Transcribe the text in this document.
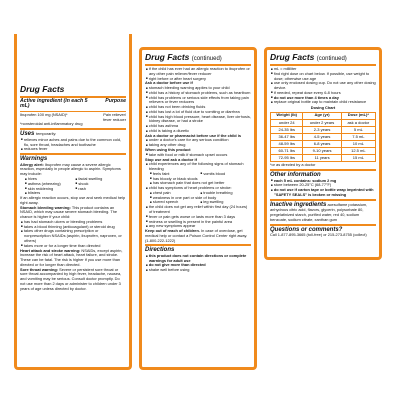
Drug Facts
Active ingredient (in each 5 mL)
Purpose
Ibuprofen 100 mg (NSAID)*	Pain reliever/ fever reducer
*nonsteroidal anti-inflammatory drug
Uses temporarily:
■ relieves minor aches and pains due to the common cold, flu, sore throat, headaches and toothache
■ reduces fever
Warnings
Allergy alert: Ibuprofen may cause a severe allergic reaction, especially in people allergic to aspirin. Symptoms may include:
■ hives	■ facial swelling
■ asthma (wheezing)	■ shock
■ skin reddening	■ rash
■ blisters
If an allergic reaction occurs, stop use and seek medical help right away.
Stomach bleeding warning: This product contains an NSAID, which may cause severe stomach bleeding. The chance is higher if your child:
■ has had stomach ulcers or bleeding problems
■ takes a blood thinning (anticoagulant) or steroid drug
■ takes other drugs containing prescription or nonprescription NSAIDs (aspirin, ibuprofen, naproxen, or others)
■ takes more or for a longer time than directed
Heart attack and stroke warning: NSAIDs, except aspirin, increase the risk of heart attack, heart failure, and stroke. These can be fatal. The risk is higher if you use more than directed or for longer than directed.
Sore throat warning: Severe or persistent sore throat or sore throat accompanied by high fever, headache, nausea, and vomiting may be serious. Consult doctor promptly. Do not use more than 2 days or administer to children under 3 years of age unless directed by doctor.
Drug Facts (continued)
■ if the child has ever had an allergic reaction to ibuprofen or any other pain reliever/fever reducer
■ right before or after heart surgery
Ask a doctor before use if
■ stomach bleeding warning applies to your child
■ child has a history of stomach problems, such as heartburn
■ child has problems or serious side effects from taking pain relievers or fever reducers
■ child has not been drinking fluids
■ child has lost a lot of fluid due to vomiting or diarrhea
■ child has high blood pressure, heart disease, liver cirrhosis, kidney disease, or had a stroke
■ child has asthma
■ child is taking a diuretic
Ask a doctor or pharmacist before use if the child is
■ under a doctor's care for any serious condition
■ taking any other drug
When using this product
■ take with food or milk if stomach upset occurs
Stop use and ask a doctor if
■ child experiences any of the following signs of stomach bleeding
■ feels faint	■ vomits blood
■ has bloody or black stools
■ has stomach pain that does not get better
■ child has symptoms of heart problems or stroke:
■ chest pain	■ trouble breathing
■ weakness in one part or side of body
■ slurred speech	■ leg swelling
■ the child does not get any relief within first day (24 hours) of treatment
■ fever or pain gets worse or lasts more than 3 days
■ redness or swelling is present in the painful area
■ any new symptoms appear
Keep out of reach of children. In case of overdose, get medical help or contact a Poison Control Center right away. (1-800-222-1222)
Directions
■ this product does not contain directions or complete warnings for adult use
■ do not give more than directed
■ shake well before using
Drug Facts (continued)
■ mL = milliliter
■ find right dose on chart below. If possible, use weight to dose; otherwise use age
■ use only enclosed dosing cup. Do not use any other dosing device.
■ if needed, repeat dose every 6-8 hours
■ do not use more than 4 times a day
■ replace original bottle cap to maintain child resistance
Dosing Chart
Weight (lb)	Age (yr)	Dose (mL)*
under 24	under 2 years	ask a doctor
24-35 lbs	2-3 years	5 mL
36-47 lbs	4-5 years	7.5 mL
48-59 lbs	6-8 years	10 mL
60-71 lbs	9-10 years	12.5 mL
72-95 lbs	11 years	15 mL
*or as directed by a doctor
Other information
■ each 5 mL contains: sodium 2 mg
■ store between 20-25°C (68-77°F)
■ do not use if carton tape or bottle wrap imprinted with "SAFETY SEALS" is broken or missing
Inactive ingredients acesulfame potassium, anhydrous citric acid, flavors, glycerin, polysorbate 80, pregelatinized starch, purified water, red 40, sodium benzoate, sodium citrate, xanthan gum
Questions or comments?
Call 1-877-895-3665 (toll-free) or 215-273-8755 (collect)
